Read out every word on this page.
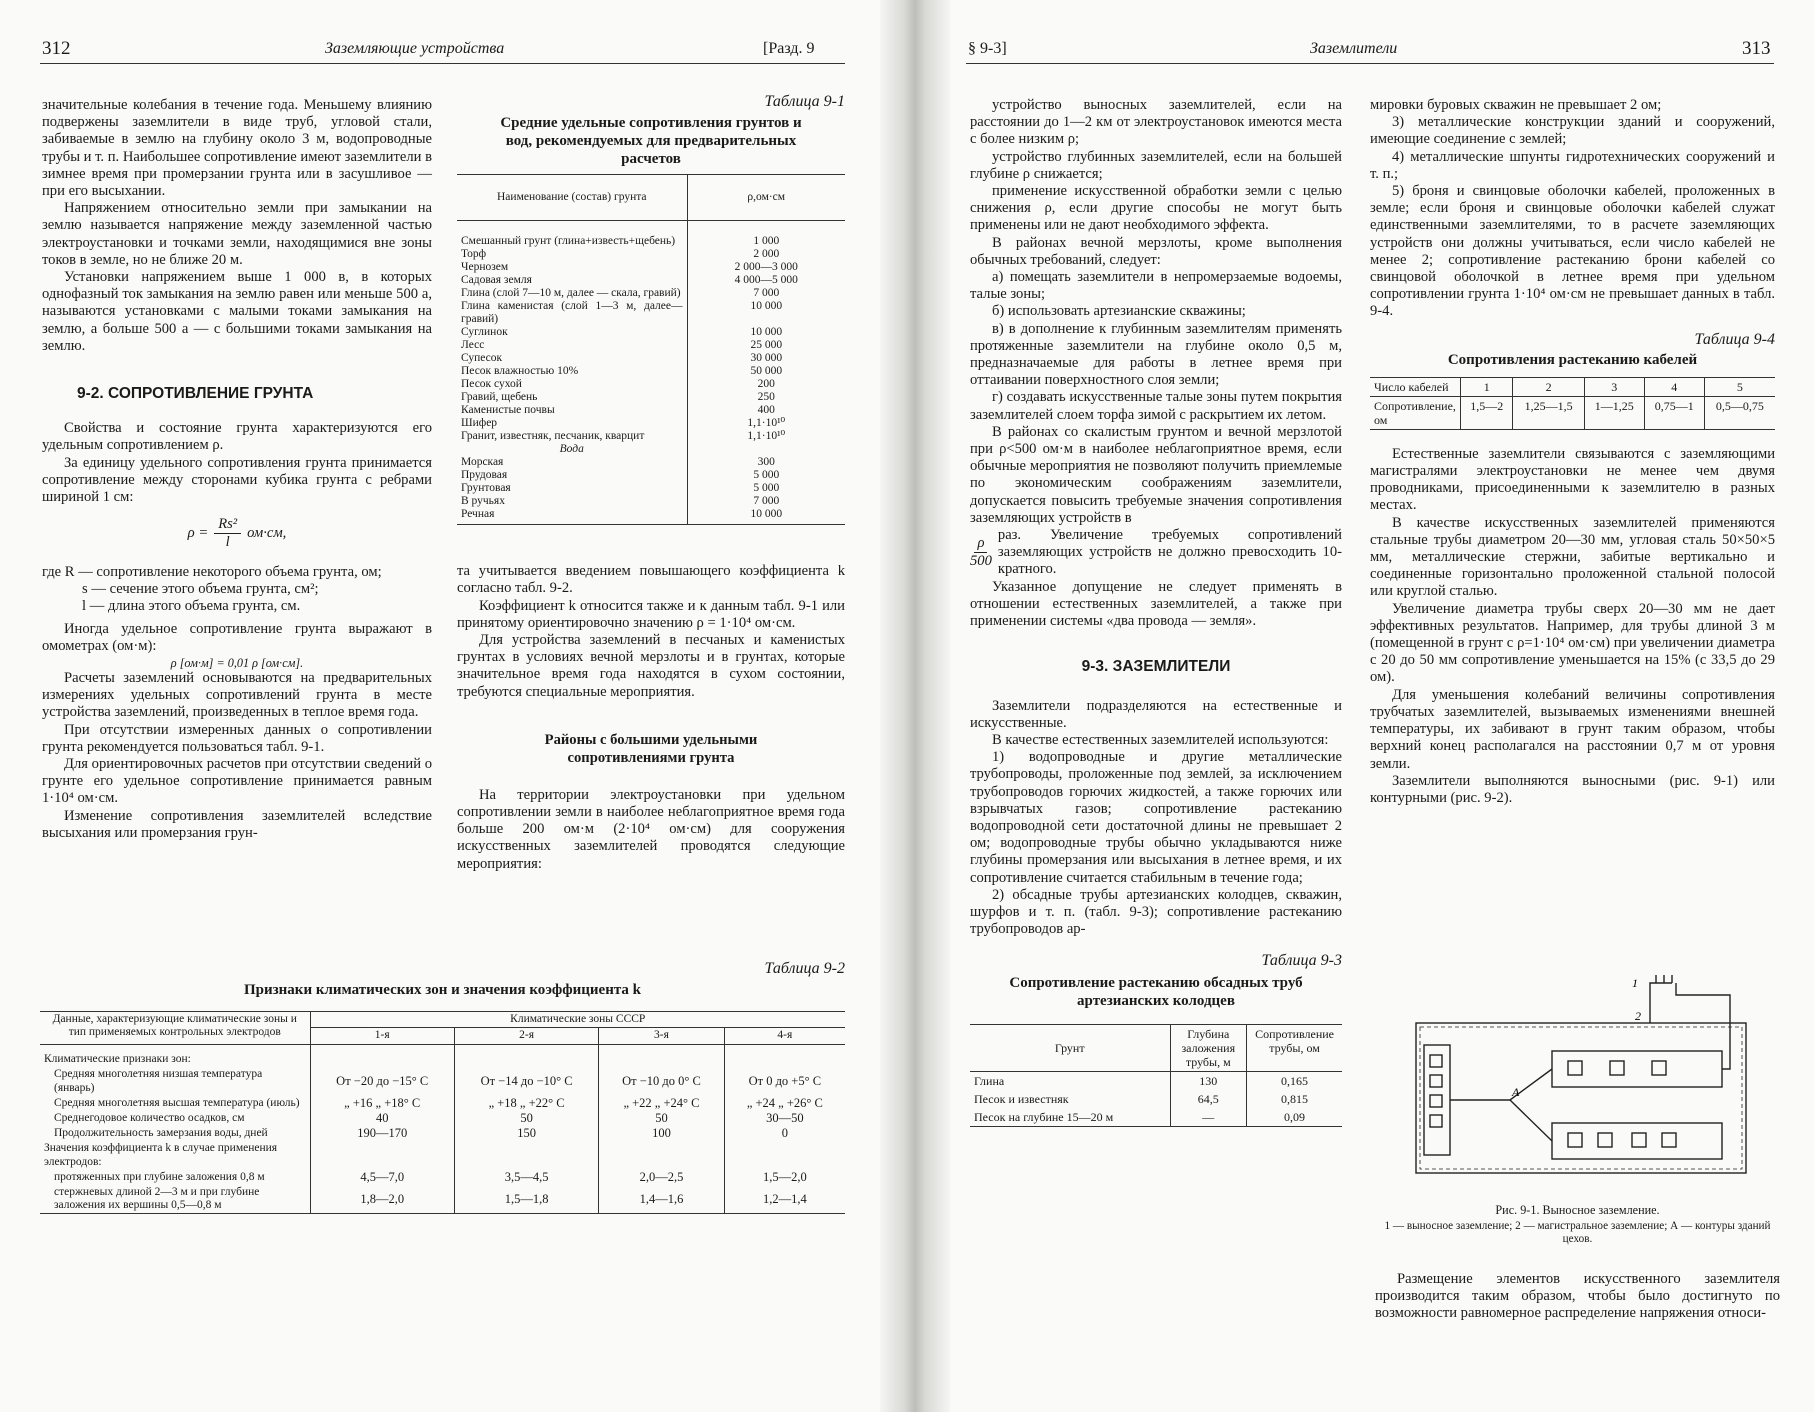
312	Заземляющие устройства	[Разд. 9

значительные колебания в течение года. Меньшему влиянию подвержены заземлители в виде труб, угловой стали, забиваемые в землю на глубину около 3 м, водопроводные трубы и т. п. Наибольшее сопротивление имеют заземлители в зимнее время при промерзании грунта или в засушливое — при его высыхании.

Напряжением относительно земли при замыкании на землю называется напряжение между заземленной частью электроустановки и точками земли, находящимися вне зоны токов в земле, но не ближе 20 м.

Установки напряжением выше 1 000 в, в которых однофазный ток замыкания на землю равен или меньше 500 а, называются установками с малыми токами замыкания на землю, а больше 500 а — с большими токами замыкания на землю.

9-2. СОПРОТИВЛЕНИЕ ГРУНТА

Свойства и состояние грунта характеризуются его удельным сопротивлением ρ.

За единицу удельного сопротивления грунта принимается сопротивление между сторонами кубика грунта с ребрами шириной 1 см:

$\rho = \frac{\text{Rs²}}{l} ом\cdot см$,

где R — сопротивление некоторого объема грунта, ом;

s — сечение этого объема грунта, см²;

l — длина этого объема грунта, см.

Иногда удельное сопротивление грунта выражают в омометрах (ом·м):

ρ [ом·м] = 0,01 ρ [ом·см].

Расчеты заземлений основываются на предварительных измерениях удельных сопротивлений грунта в месте устройства заземлений, произведенных в теплое время года.

При отсутствии измеренных данных о сопротивлении грунта рекомендуется пользоваться табл. 9-1.

Для ориентировочных расчетов при отсутствии сведений о грунте его удельное сопротивление принимается равным 1·10⁴ ом·см.

Изменение сопротивления заземлителей вследствие высыхания или промерзания грун-

Таблица 9-1
Средние удельные сопротивления грунтов и вод, рекомендуемых для предварительных расчетов
Наименование (состав) грунта	ρ,ом·см

Смешанный грунт (глина+известь+щебень)	1 000
Торф	2 000
Чернозем	2 000—3 000
Садовая земля	4 000—5 000
Глина (слой 7—10 м, далее — скала, гравий)	7 000
Глина каменистая (слой 1—3 м, далее—гравий)	10 000
Суглинок	10 000
Лесс	25 000
Супесок	30 000
Песок влажностью 10%	50 000
Песок сухой	200
Гравий, щебень	250
Каменистые почвы	400
Шифер	1,1·10¹⁰
Гранит, известняк, песчаник, кварцит	1,1·10¹⁰
Вода	
Морская	300
Прудовая	5 000
Грунтовая	5 000
В ручьях	7 000
Речная	10 000

та учитывается введением повышающего коэффициента k согласно табл. 9-2.

Коэффициент k относится также и к данным табл. 9-1 или принятому ориентировочно значению ρ = 1·10⁴ ом·см.

Для устройства заземлений в песчаных и каменистых грунтах в условиях вечной мерзлоты и в грунтах, которые значительное время года находятся в сухом состоянии, требуются специальные мероприятия.

Районы с большими удельными сопротивлениями грунта

На территории электроустановки при удельном сопротивлении земли в наиболее неблагоприятное время года больше 200 ом·м (2·10⁴ ом·см) для сооружения искусственных заземлителей проводятся следующие мероприятия:

Таблица 9-2
Признаки климатических зон и значения коэффициента k
Данные, характеризующие климатические зоны и тип применяемых контрольных электродов	Климатические зоны СССР			
	1-я	2-я	3-я	4-я

Климатические признаки зон:				
Средняя многолетняя низшая температура (январь)	От −20 до −15° С	От −14 до −10° С	От −10 до 0° С	От 0 до +5° С
Средняя многолетняя высшая температура (июль)	„ +16 „ +18° С	„ +18 „ +22° С	„ +22 „ +24° С	„ +24 „ +26° С
Среднегодовое количество осадков, см	40	50	50	30—50
Продолжительность замерзания воды, дней	190—170	150	100	0
Значения коэффициента k в случае применения электродов:				
протяженных при глубине заложения 0,8 м	4,5—7,0	3,5—4,5	2,0—2,5	1,5—2,0
стержневых длиной 2—3 м и при глубине заложения их вершины 0,5—0,8 м	1,8—2,0	1,5—1,8	1,4—1,6	1,2—1,4
§ 9-3]	Заземлители	313

устройство выносных заземлителей, если на расстоянии до 1—2 км от электроустановок имеются места с более низким ρ;

устройство глубинных заземлителей, если на большей глубине ρ снижается;

применение искусственной обработки земли с целью снижения ρ, если другие способы не могут быть применены или не дают необходимого эффекта.

В районах вечной мерзлоты, кроме выполнения обычных требований, следует:

а) помещать заземлители в непромерзаемые водоемы, талые зоны;

б) использовать артезианские скважины;

в) в дополнение к глубинным заземлителям применять протяженные заземлители на глубине около 0,5 м, предназначаемые для работы в летнее время при оттаивании поверхностного слоя земли;

г) создавать искусственные талые зоны путем покрытия заземлителей слоем торфа зимой с раскрытием их летом.

В районах со скалистым грунтом и вечной мерзлотой при ρ<500 ом·м в наиболее неблагоприятное время, если обычные мероприятия не позволяют получить приемлемые по экономическим соображениям заземлители, допускается повысить требуемые значения сопротивления заземляющих устройств в

$\frac{\rho}{500}$
раз. Увеличение требуемых сопротивлений заземляющих устройств не должно превосходить 10-кратного.

Указанное допущение не следует применять в отношении естественных заземлителей, а также при применении системы «два провода — земля».

9-3. ЗАЗЕМЛИТЕЛИ

Заземлители подразделяются на естественные и искусственные.

В качестве естественных заземлителей используются:

1) водопроводные и другие металлические трубопроводы, проложенные под землей, за исключением трубопроводов горючих жидкостей, а также горючих или взрывчатых газов; сопротивление растеканию водопроводной сети достаточной длины не превышает 2 ом; водопроводные трубы обычно укладываются ниже глубины промерзания или высыхания в летнее время, и их сопротивление считается стабильным в течение года;

2) обсадные трубы артезианских колодцев, скважин, шурфов и т. п. (табл. 9-3); сопротивление растеканию трубопроводов ар-

Таблица 9-3
Сопротивление растеканию обсадных труб артезианских колодцев
Грунт	Глубина заложения трубы, м	Сопротивление трубы, ом
Глина	130	0,165
Песок и известняк	64,5	0,815
Песок на глубине 15—20 м	—	0,09

мировки буровых скважин не превышает 2 ом;

3) металлические конструкции зданий и сооружений, имеющие соединение с землей;

4) металлические шпунты гидротехнических сооружений и т. п.;

5) броня и свинцовые оболочки кабелей, проложенных в земле; если броня и свинцовые оболочки кабелей служат единственными заземлителями, то в расчете заземляющих устройств они должны учитываться, если число кабелей не менее 2; сопротивление растеканию брони кабелей со свинцовой оболочкой в летнее время при удельном сопротивлении грунта 1·10⁴ ом·см не превышает данных в табл. 9-4.

Таблица 9-4
Сопротивления растеканию кабелей
Число кабелей	1	2	3	4	5
Сопротивление, ом	1,5—2	1,25—1,5	1—1,25	0,75—1	0,5—0,75

Естественные заземлители связываются с заземляющими магистралями электроустановки не менее чем двумя проводниками, присоединенными к заземлителю в разных местах.

В качестве искусственных заземлителей применяются стальные трубы диаметром 20—30 мм, угловая сталь 50×50×5 мм, металлические стержни, забитые вертикально и соединенные горизонтально проложенной стальной полосой или круглой сталью.

Увеличение диаметра трубы сверх 20—30 мм не дает эффективных результатов. Например, для трубы длиной 3 м (помещенной в грунт с ρ=1·10⁴ ом·см) при увеличении диаметра с 20 до 50 мм сопротивление уменьшается на 15% (с 33,5 до 29 ом).

Для уменьшения колебаний величины сопротивления трубчатых заземлителей, вызываемых изменениями внешней температуры, их забивают в грунт таким образом, чтобы верхний конец располагался на расстоянии 0,7 м от уровня земли.

Заземлители выполняются выносными (рис. 9-1) или контурными (рис. 9-2).

1
2
А
Рис. 9-1. Выносное заземление.
1 — выносное заземление; 2 — магистральное заземление; А — контуры зданий цехов.

Размещение элементов искусственного заземлителя производится таким образом, чтобы было достигнуто по возможности равномерное распределение напряжения относи-
